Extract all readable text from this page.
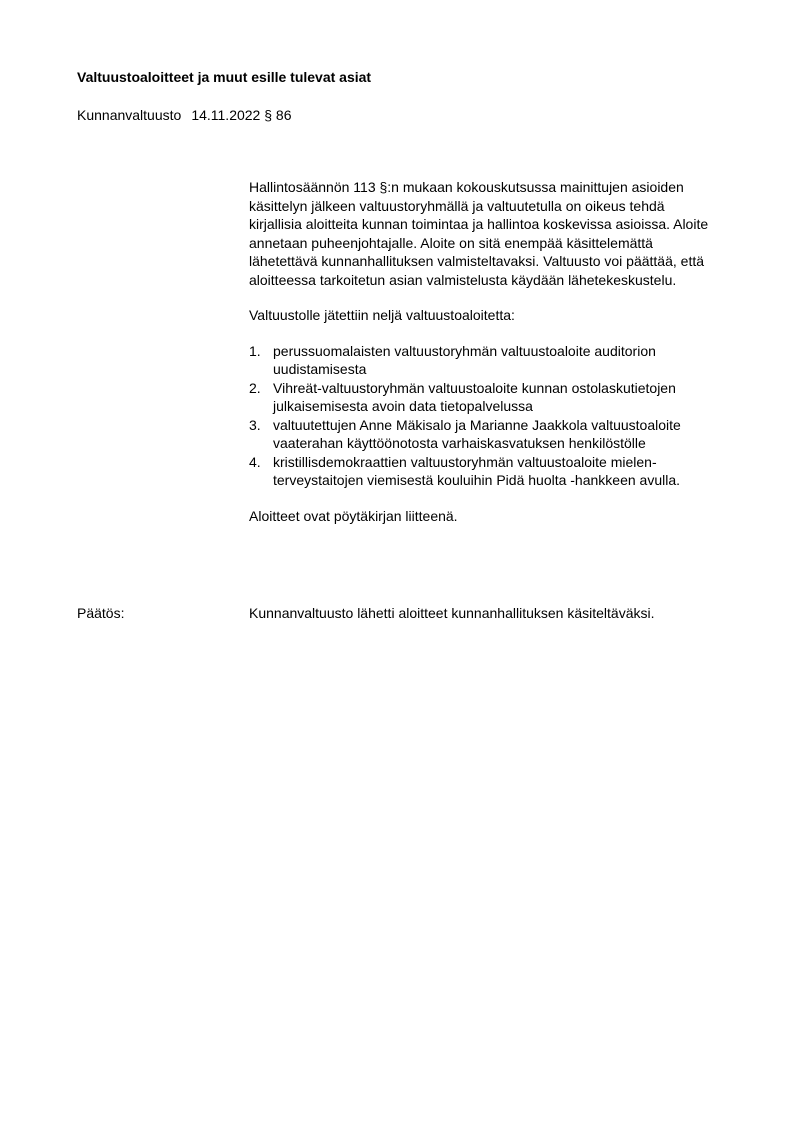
Valtuustoaloitteet ja muut esille tulevat asiat
Kunnanvaltuusto 14.11.2022 § 86

Hallintosäännön 113 §:n mukaan kokouskutsussa mainittujen asioiden käsittelyn jälkeen valtuustoryhmällä ja valtuutetulla on oikeus tehdä kirjallisia aloitteita kunnan toimintaa ja hallintoa koskevissa asioissa. Aloite annetaan puheenjohtajalle. Aloite on sitä enempää käsittelemättä lähetettävä kunnanhallituksen valmisteltavaksi. Valtuusto voi päättää, että aloitteessa tarkoitetun asian valmistelusta käydään lähetekeskustelu.

Valtuustolle jätettiin neljä valtuustoaloitetta:

1. perussuomalaisten valtuustoryhmän valtuustoaloite auditorion uudistamisesta
2. Vihreät-valtuustoryhmän valtuustoaloite kunnan ostolaskutietojen julkaisemisesta avoin data tietopalvelussa
3. valtuutettujen Anne Mäkisalo ja Marianne Jaakkola valtuustoaloite vaaterahan käyttöönotosta varhaiskasvatuksen henkilöstölle
4. kristillisdemokraattien valtuustoryhmän valtuustoaloite mielen-terveystaitojen viemisestä kouluihin Pidä huolta -hankkeen avulla.

Aloitteet ovat pöytäkirjan liitteenä.

Päätös:	Kunnanvaltuusto lähetti aloitteet kunnanhallituksen käsiteltäväksi.
